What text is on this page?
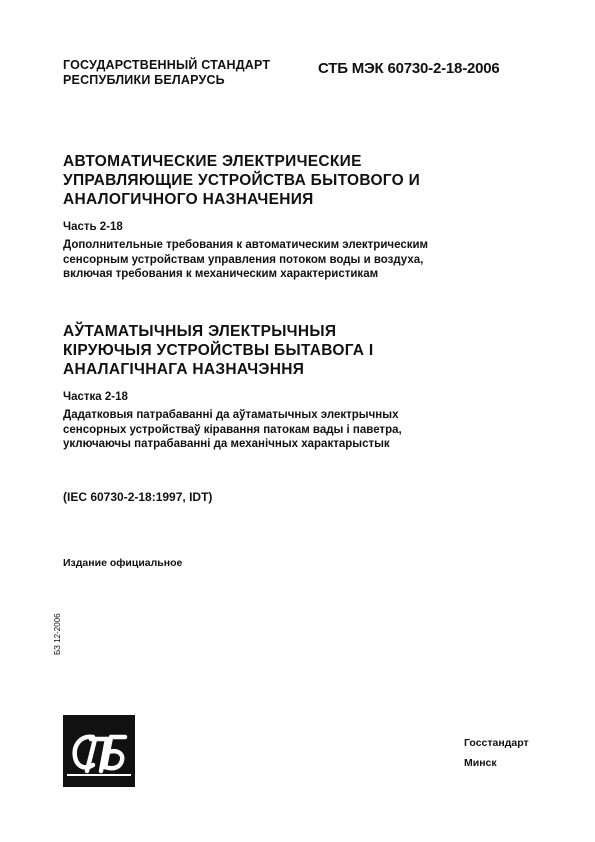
ГОСУДАРСТВЕННЫЙ СТАНДАРТ
РЕСПУБЛИКИ БЕЛАРУСЬ
СТБ МЭК 60730-2-18-2006
АВТОМАТИЧЕСКИЕ ЭЛЕКТРИЧЕСКИЕ
УПРАВЛЯЮЩИЕ УСТРОЙСТВА БЫТОВОГО И
АНАЛОГИЧНОГО НАЗНАЧЕНИЯ
Часть 2-18
Дополнительные требования к автоматическим электрическим
сенсорным устройствам управления потоком воды и воздуха,
включая требования к механическим характеристикам
АЎТАМАТЫЧНЫЯ ЭЛЕКТРЫЧНЫЯ
КІРУЮЧЫЯ УСТРОЙСТВЫ БЫТАВОГА І
АНАЛАГІЧНАГА НАЗНАЧЭННЯ
Частка 2-18
Дадатковыя патрабаванні да аўтаматычных электрычных
сенсорных устройстваў кіравання патокам вады і паветра,
уключаючы патрабаванні да механічных характарыстык
(IEC 60730-2-18:1997, IDT)
Издание официальное
БЗ 12-2006
Госстандарт
Минск
